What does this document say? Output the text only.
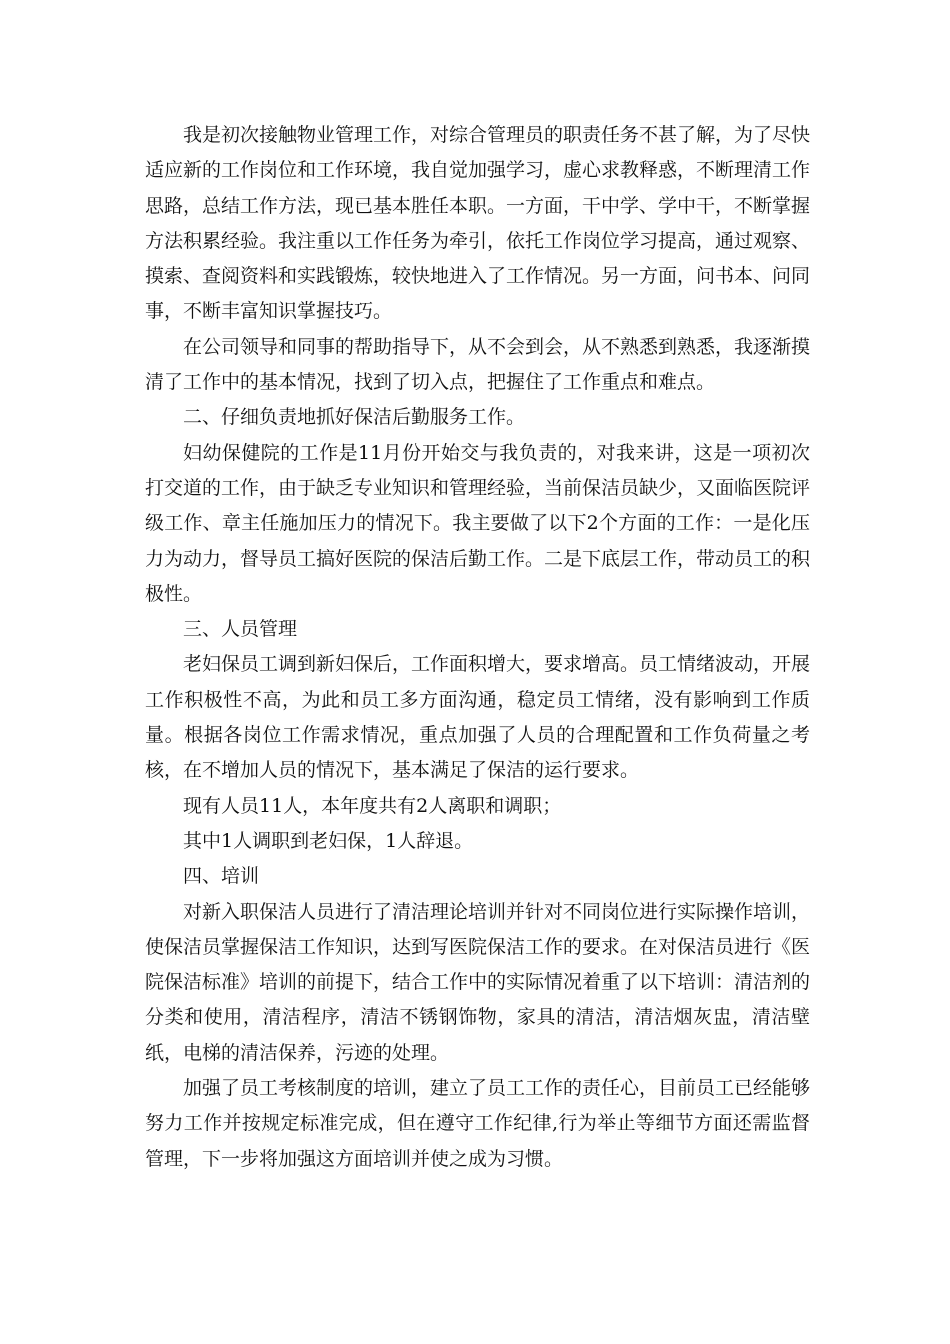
我是初次接触物业管理工作，对综合管理员的职责任务不甚了解，为了尽快适应新的工作岗位和工作环境，我自觉加强学习，虚心求教释惑，不断理清工作思路，总结工作方法，现已基本胜任本职。一方面，干中学、学中干，不断掌握方法积累经验。我注重以工作任务为牵引，依托工作岗位学习提高，通过观察、摸索、查阅资料和实践锻炼，较快地进入了工作情况。另一方面，问书本、问同事，不断丰富知识掌握技巧。

在公司领导和同事的帮助指导下，从不会到会，从不熟悉到熟悉，我逐渐摸清了工作中的基本情况，找到了切入点，把握住了工作重点和难点。

二、仔细负责地抓好保洁后勤服务工作。

妇幼保健院的工作是11月份开始交与我负责的，对我来讲，这是一项初次打交道的工作，由于缺乏专业知识和管理经验，当前保洁员缺少，又面临医院评级工作、章主任施加压力的情况下。我主要做了以下2个方面的工作：一是化压力为动力，督导员工搞好医院的保洁后勤工作。二是下底层工作，带动员工的积极性。

三、人员管理

老妇保员工调到新妇保后，工作面积增大，要求增高。员工情绪波动，开展工作积极性不高，为此和员工多方面沟通，稳定员工情绪，没有影响到工作质量。根据各岗位工作需求情况，重点加强了人员的合理配置和工作负荷量之考核，在不增加人员的情况下，基本满足了保洁的运行要求。

现有人员11人，本年度共有2人离职和调职；

其中1人调职到老妇保，1人辞退。

四、培训

对新入职保洁人员进行了清洁理论培训并针对不同岗位进行实际操作培训，使保洁员掌握保洁工作知识，达到写医院保洁工作的要求。在对保洁员进行《医院保洁标准》培训的前提下，结合工作中的实际情况着重了以下培训：清洁剂的分类和使用，清洁程序，清洁不锈钢饰物，家具的清洁，清洁烟灰盅，清洁壁纸，电梯的清洁保养，污迹的处理。

加强了员工考核制度的培训，建立了员工工作的责任心，目前员工已经能够努力工作并按规定标准完成，但在遵守工作纪律,行为举止等细节方面还需监督管理，下一步将加强这方面培训并使之成为习惯。
